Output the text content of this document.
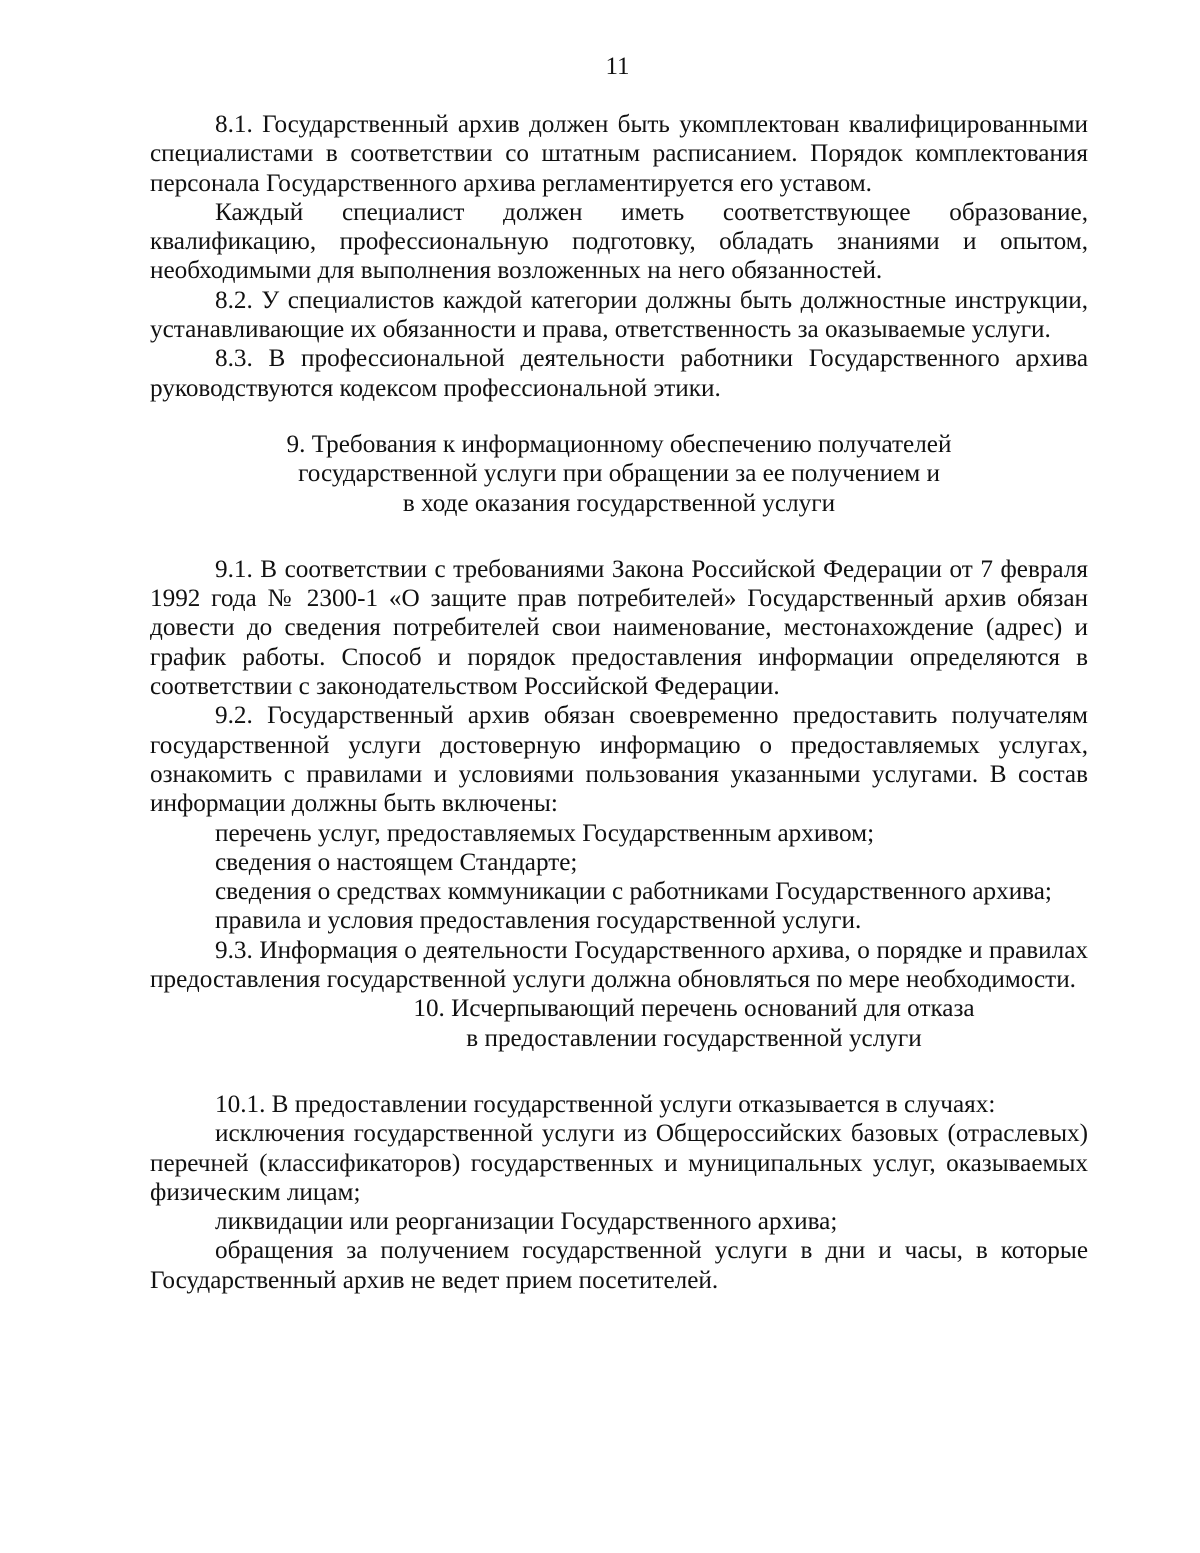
11

8.1. Государственный архив должен быть укомплектован квалифицированными специалистами в соответствии со штатным расписанием. Порядок комплектования персонала Государственного архива регламентируется его уставом.

Каждый специалист должен иметь соответствующее образование, квалификацию, профессиональную подготовку, обладать знаниями и опытом, необходимыми для выполнения возложенных на него обязанностей.

8.2. У специалистов каждой категории должны быть должностные инструкции, устанавливающие их обязанности и права, ответственность за оказываемые услуги.

8.3. В профессиональной деятельности работники Государственного архива руководствуются кодексом профессиональной этики.

9. Требования к информационному обеспечению получателей
государственной услуги при обращении за ее получением и
в ходе оказания государственной услуги

9.1. В соответствии с требованиями Закона Российской Федерации от 7 февраля 1992 года № 2300-1 «О защите прав потребителей» Государственный архив обязан довести до сведения потребителей свои наименование, местонахождение (адрес) и график работы. Способ и порядок предоставления информации определяются в соответствии с законодательством Российской Федерации.

9.2. Государственный архив обязан своевременно предоставить получателям государственной услуги достоверную информацию о предоставляемых услугах, ознакомить с правилами и условиями пользования указанными услугами. В состав информации должны быть включены:

перечень услуг, предоставляемых Государственным архивом;

сведения о настоящем Стандарте;

сведения о средствах коммуникации с работниками Государственного архива;

правила и условия предоставления государственной услуги.

9.3. Информация о деятельности Государственного архива, о порядке и правилах предоставления государственной услуги должна обновляться по мере необходимости.

10. Исчерпывающий перечень оснований для отказа
в предоставлении государственной услуги

10.1. В предоставлении государственной услуги отказывается в случаях:

исключения государственной услуги из Общероссийских базовых (отраслевых) перечней (классификаторов) государственных и муниципальных услуг, оказываемых физическим лицам;

ликвидации или реорганизации Государственного архива;

обращения за получением государственной услуги в дни и часы, в которые Государственный архив не ведет прием посетителей.
